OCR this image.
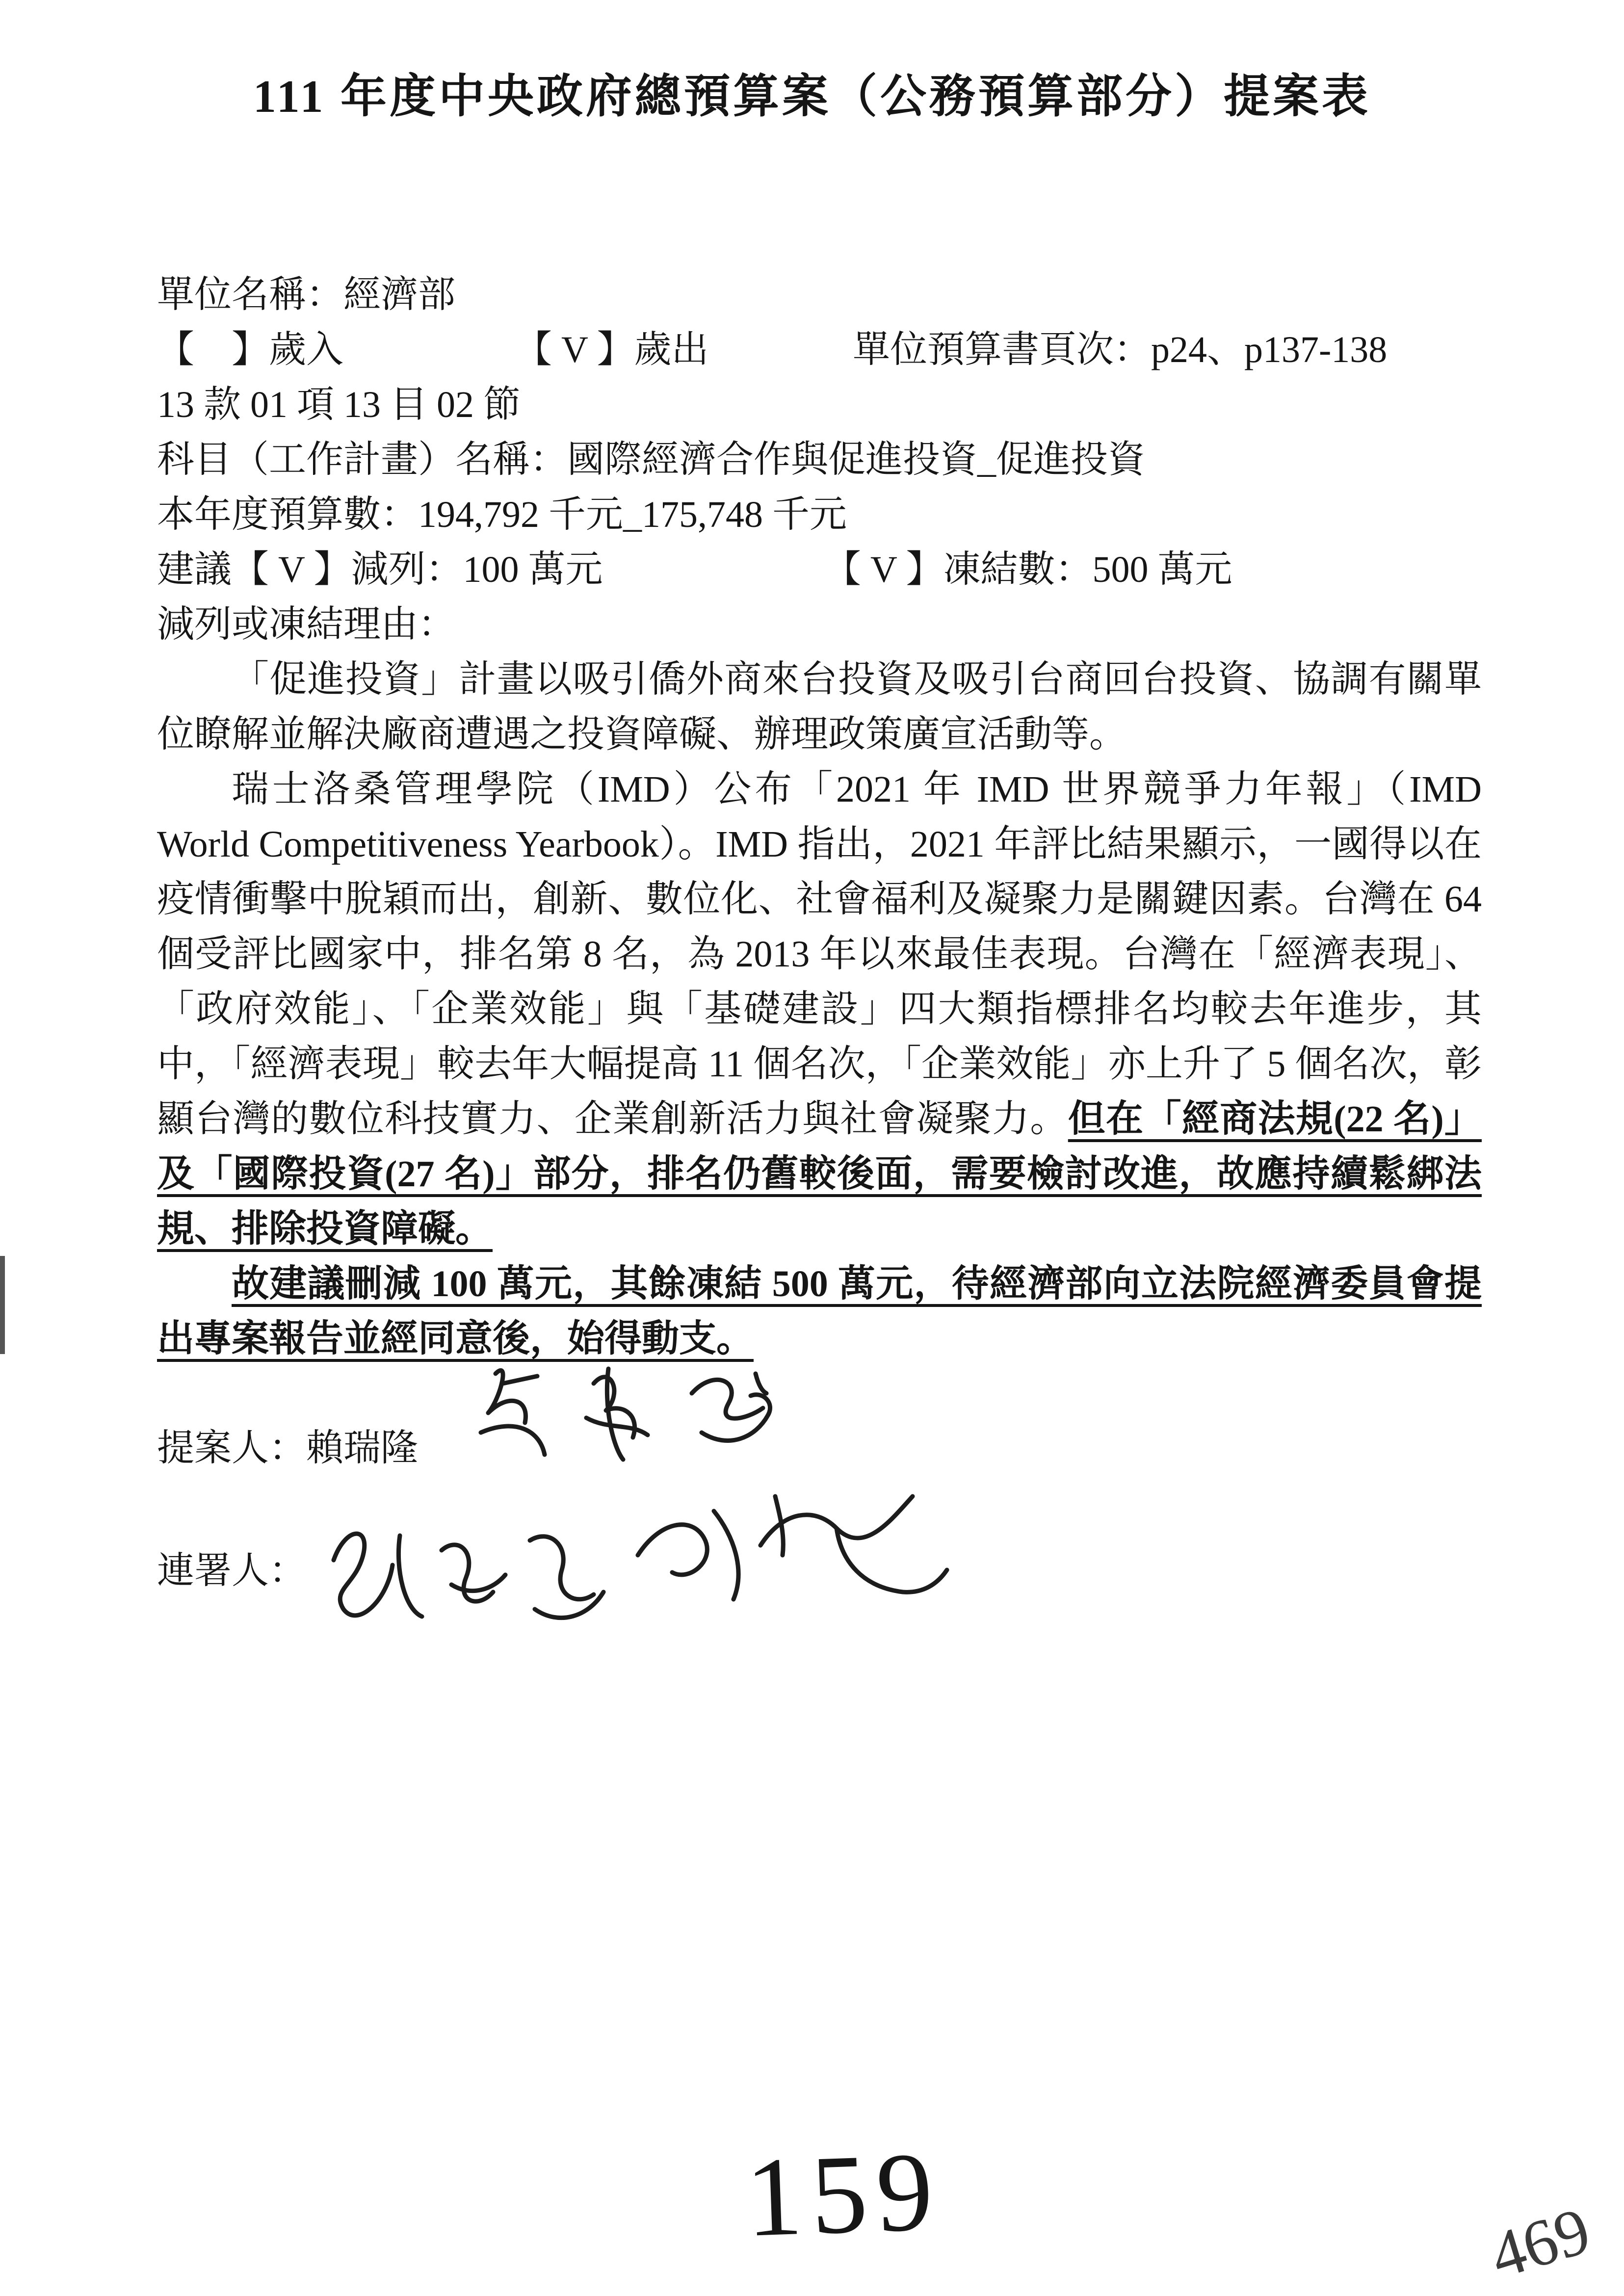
111 年度中央政府總預算案（公務預算部分）提案表

單位名稱：經濟部

【　】歲入	【 V 】歲出	單位預算書頁次：p24、p137-138

13 款 01 項 13 目 02 節

科目（工作計畫）名稱：國際經濟合作與促進投資_促進投資

本年度預算數：194,792 千元_175,748 千元

建議【 V 】減列：100 萬元	【 V 】凍結數：500 萬元

減列或凍結理由：

「促進投資」計畫以吸引僑外商來台投資及吸引台商回台投資、協調有關單位瞭解並解決廠商遭遇之投資障礙、辦理政策廣宣活動等。

瑞士洛桑管理學院（IMD）公布「2021 年 IMD 世界競爭力年報」（IMD World Competitiveness Yearbook）。IMD 指出，2021 年評比結果顯示，一國得以在疫情衝擊中脫穎而出，創新、數位化、社會福利及凝聚力是關鍵因素。台灣在 64 個受評比國家中，排名第 8 名，為 2013 年以來最佳表現。台灣在「經濟表現」、「政府效能」、「企業效能」與「基礎建設」四大類指標排名均較去年進步，其中，「經濟表現」較去年大幅提高 11 個名次，「企業效能」亦上升了 5 個名次，彰顯台灣的數位科技實力、企業創新活力與社會凝聚力。但在「經商法規(22 名)」及「國際投資(27 名)」部分，排名仍舊較後面，需要檢討改進，故應持續鬆綁法規、排除投資障礙。

故建議刪減 100 萬元，其餘凍結 500 萬元，待經濟部向立法院經濟委員會提出專案報告並經同意後，始得動支。

提案人：賴瑞隆
連署人：
159	469
